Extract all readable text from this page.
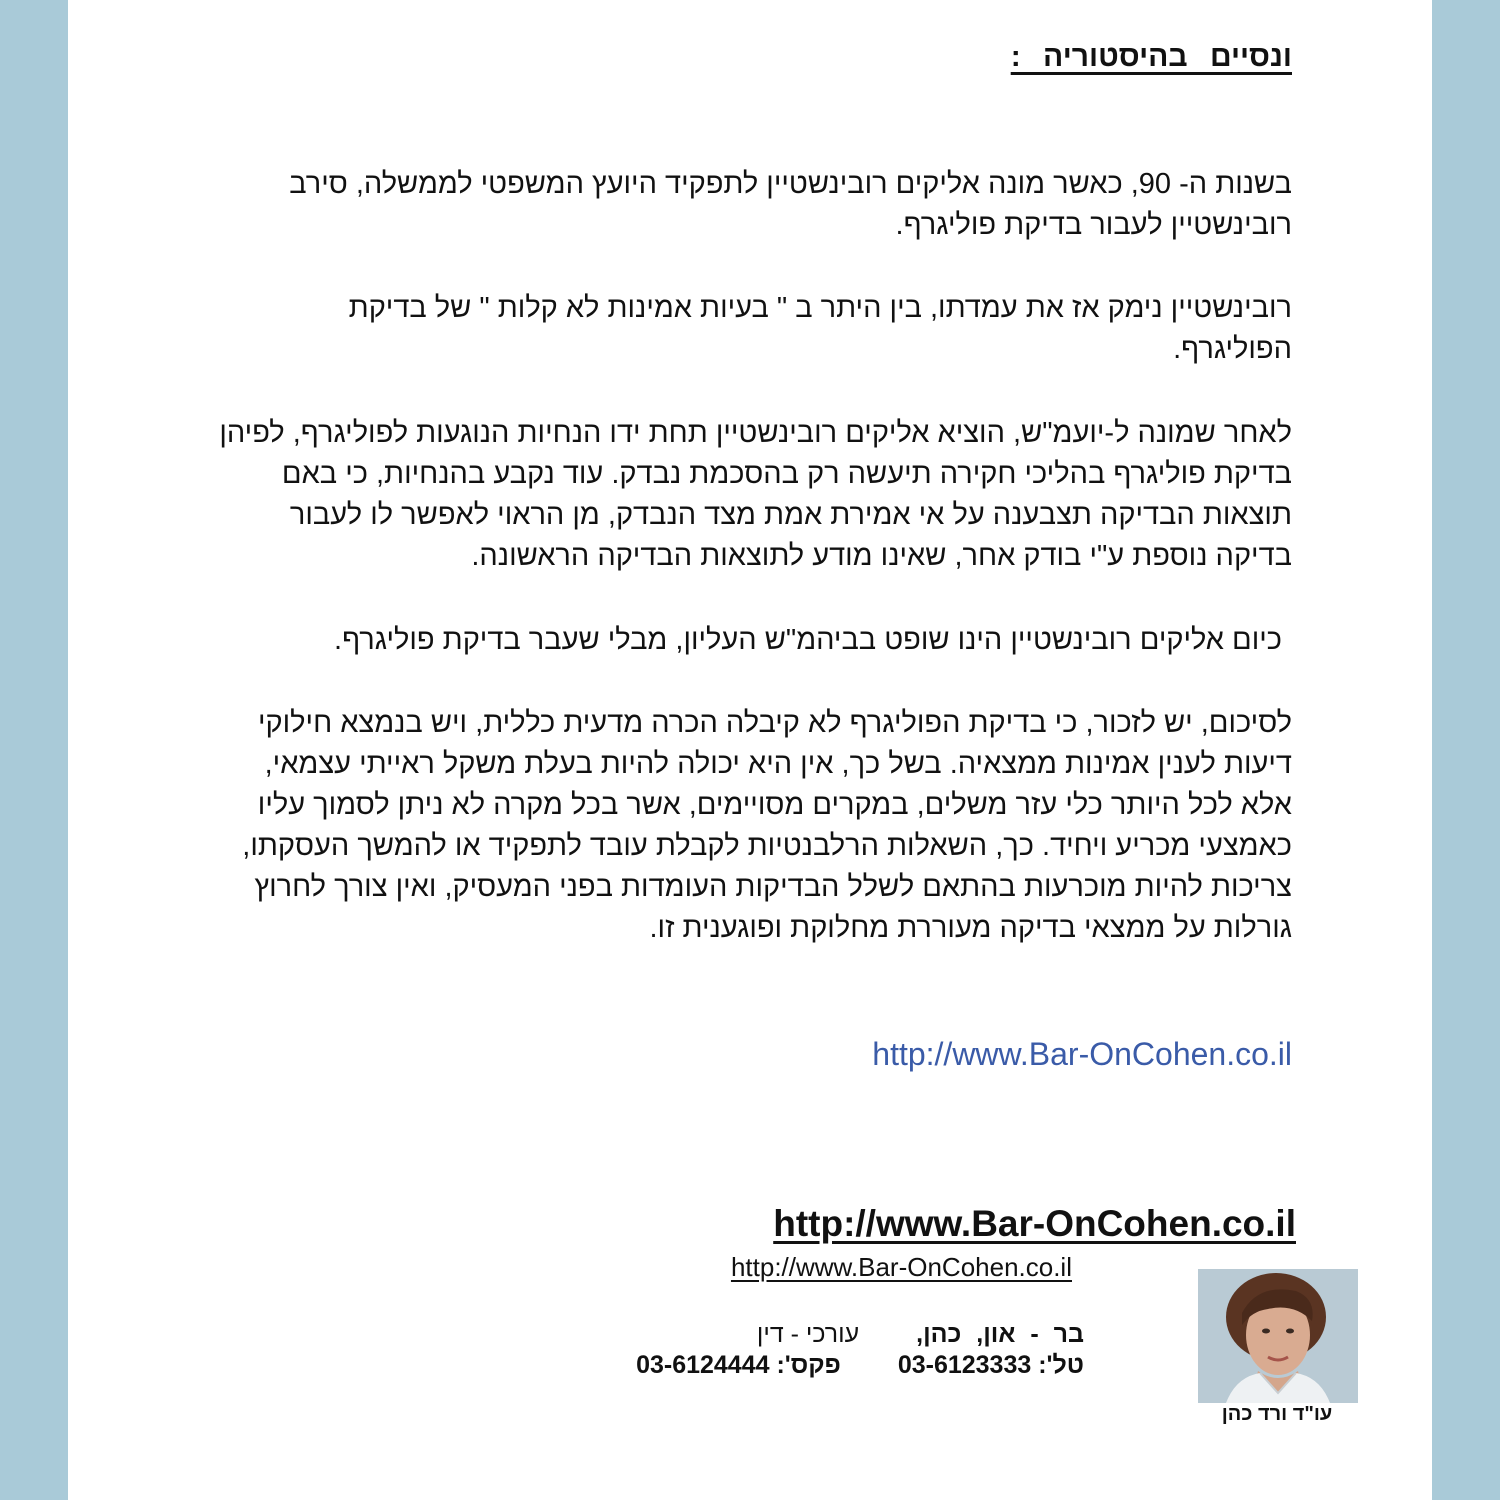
ונסיים בהיסטוריה :

בשנות ה- 90, כאשר מונה אליקים רובינשטיין לתפקיד היועץ המשפטי לממשלה, סירב
רובינשטיין לעבור בדיקת פוליגרף.

רובינשטיין נימק אז את עמדתו, בין היתר ב " בעיות אמינות לא קלות " של בדיקת
הפוליגרף.

לאחר שמונה ל-יועמ"ש, הוציא אליקים רובינשטיין תחת ידו הנחיות הנוגעות לפוליגרף, לפיהן
בדיקת פוליגרף בהליכי חקירה תיעשה רק בהסכמת נבדק. עוד נקבע בהנחיות, כי באם
תוצאות הבדיקה תצבענה על אי אמירת אמת מצד הנבדק, מן הראוי לאפשר לו לעבור
בדיקה נוספת ע"י בודק אחר, שאינו מודע לתוצאות הבדיקה הראשונה.

כיום אליקים רובינשטיין הינו שופט בביהמ"ש העליון, מבלי שעבר בדיקת פוליגרף.

לסיכום, יש לזכור, כי בדיקת הפוליגרף לא קיבלה הכרה מדעית כללית, ויש בנמצא חילוקי
דיעות לענין אמינות ממצאיה. בשל כך, אין היא יכולה להיות בעלת משקל ראייתי עצמאי,
אלא לכל היותר כלי עזר משלים, במקרים מסויימים, אשר בכל מקרה לא ניתן לסמוך עליו
כאמצעי מכריע ויחיד. כך, השאלות הרלבנטיות לקבלת עובד לתפקיד או להמשך העסקתו,
צריכות להיות מוכרעות בהתאם לשלל הבדיקות העומדות בפני המעסיק, ואין צורך לחרוץ
גורלות על ממצאי בדיקה מעוררת מחלוקת ופוגענית זו.

http://www.Bar-OnCohen.co.il
http://www.Bar-OnCohen.co.il
http://www.Bar-OnCohen.co.il
בר - און, כהן, עורכי - דין
טל': 03-6123333 פקס': 03-6124444
עו"ד ורד כהן
